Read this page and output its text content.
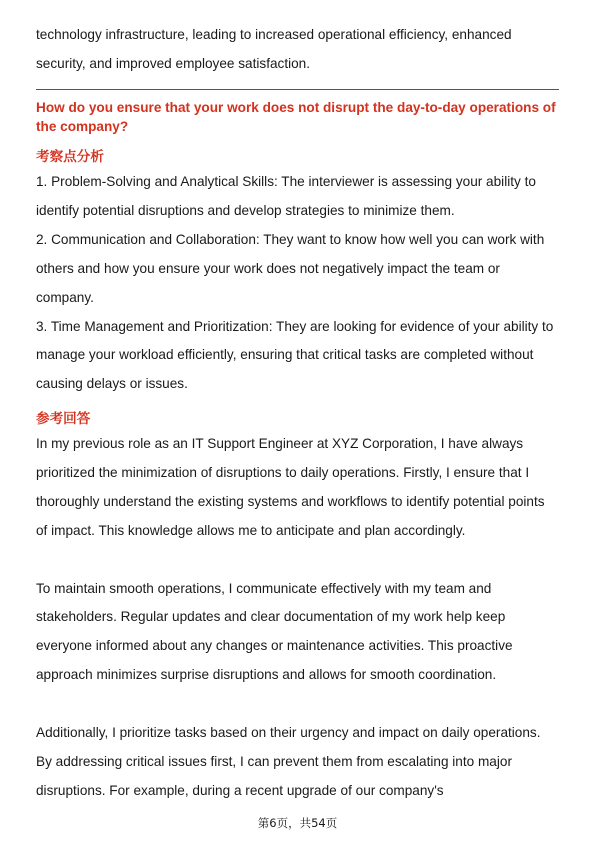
technology infrastructure, leading to increased operational efficiency, enhanced security, and improved employee satisfaction.

How do you ensure that your work does not disrupt the day-to-day operations of the company?

考察点分析

1. Problem-Solving and Analytical Skills: The interviewer is assessing your ability to identify potential disruptions and develop strategies to minimize them.

2. Communication and Collaboration: They want to know how well you can work with others and how you ensure your work does not negatively impact the team or company.

3. Time Management and Prioritization: They are looking for evidence of your ability to manage your workload efficiently, ensuring that critical tasks are completed without causing delays or issues.

参考回答

In my previous role as an IT Support Engineer at XYZ Corporation, I have always prioritized the minimization of disruptions to daily operations. Firstly, I ensure that I thoroughly understand the existing systems and workflows to identify potential points of impact. This knowledge allows me to anticipate and plan accordingly.

To maintain smooth operations, I communicate effectively with my team and stakeholders. Regular updates and clear documentation of my work help keep everyone informed about any changes or maintenance activities. This proactive approach minimizes surprise disruptions and allows for smooth coordination.

Additionally, I prioritize tasks based on their urgency and impact on daily operations. By addressing critical issues first, I can prevent them from escalating into major disruptions. For example, during a recent upgrade of our company's

第6页，共54页
